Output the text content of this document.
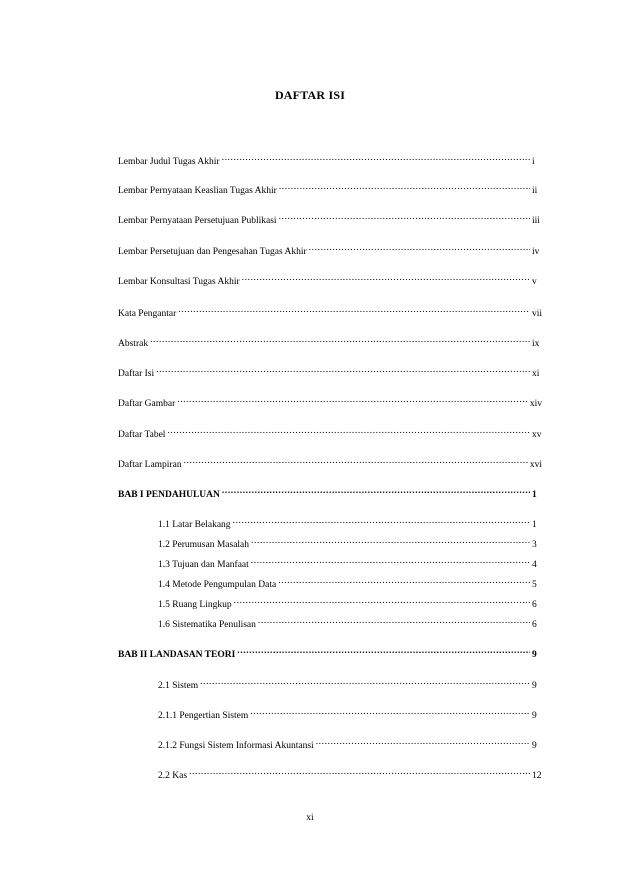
DAFTAR ISI
Lembar Judul Tugas Akhir .....	i
Lembar Pernyataan Keaslian Tugas Akhir .....	ii
Lembar Pernyataan Persetujuan Publikasi .....	iii
Lembar Persetujuan dan Pengesahan Tugas Akhir .....	iv
Lembar Konsultasi Tugas Akhir .....	v
Kata Pengantar .....	vii
Abstrak .....	ix
Daftar Isi .....	xi
Daftar Gambar .....	xiv
Daftar Tabel .....	xv
Daftar Lampiran .....	xvi
BAB I PENDAHULUAN .....	1
1.1 Latar Belakang .....	1
1.2 Perumusan Masalah .....	3
1.3 Tujuan dan Manfaat .....	4
1.4 Metode Pengumpulan Data .....	5
1.5 Ruang Lingkup .....	6
1.6 Sistematika Penulisan .....	6
BAB II LANDASAN TEORI .....	9
2.1 Sistem .....	9
2.1.1 Pengertian Sistem .....	9
2.1.2 Fungsi Sistem Informasi Akuntansi .....	9
2.2 Kas .....	12
xi
